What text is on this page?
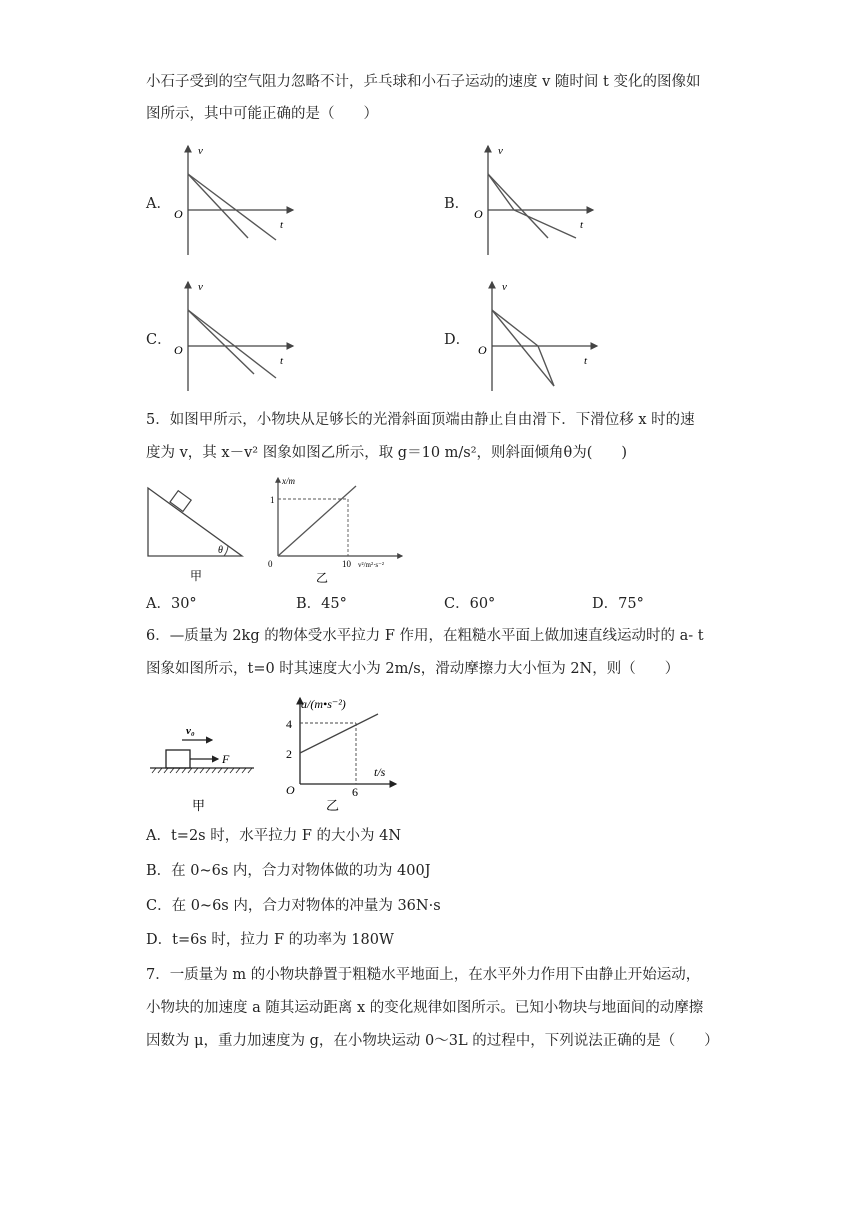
小石子受到的空气阻力忽略不计，乒乓球和小石子运动的速度 v 随时间 t 变化的图像如
图所示，其中可能正确的是（　　）
A．	B．
C．	D．
v
t
O
v
t
O
v
t
O
v
t
O
5．如图甲所示，小物块从足够长的光滑斜面顶端由静止自由滑下．下滑位移 x 时的速
度为 v，其 x－v² 图象如图乙所示，取 g＝10 m/s²，则斜面倾角θ为(　　)
θ
甲
x/m
1
10
0	v²/m²·s⁻²
乙
A．30°	B．45°	C．60°	D．75°
6．—质量为 2kg 的物体受水平拉力 F 作用，在粗糙水平面上做加速直线运动时的 a- t
图象如图所示，t=0 时其速度大小为 2m/s，滑动摩擦力大小恒为 2N，则（　　）
v₀
F
甲
a/(m•s⁻²)
4
2
6
t/s
O
乙
A．t=2s 时，水平拉力 F 的大小为 4N
B．在 0~6s 内，合力对物体做的功为 400J
C．在 0~6s 内，合力对物体的冲量为 36N·s
D．t=6s 时，拉力 F 的功率为 180W
7．一质量为 m 的小物块静置于粗糙水平地面上，在水平外力作用下由静止开始运动，
小物块的加速度 a 随其运动距离 x 的变化规律如图所示。已知小物块与地面间的动摩擦
因数为 μ，重力加速度为 g，在小物块运动 0～3L 的过程中，下列说法正确的是（　　）
